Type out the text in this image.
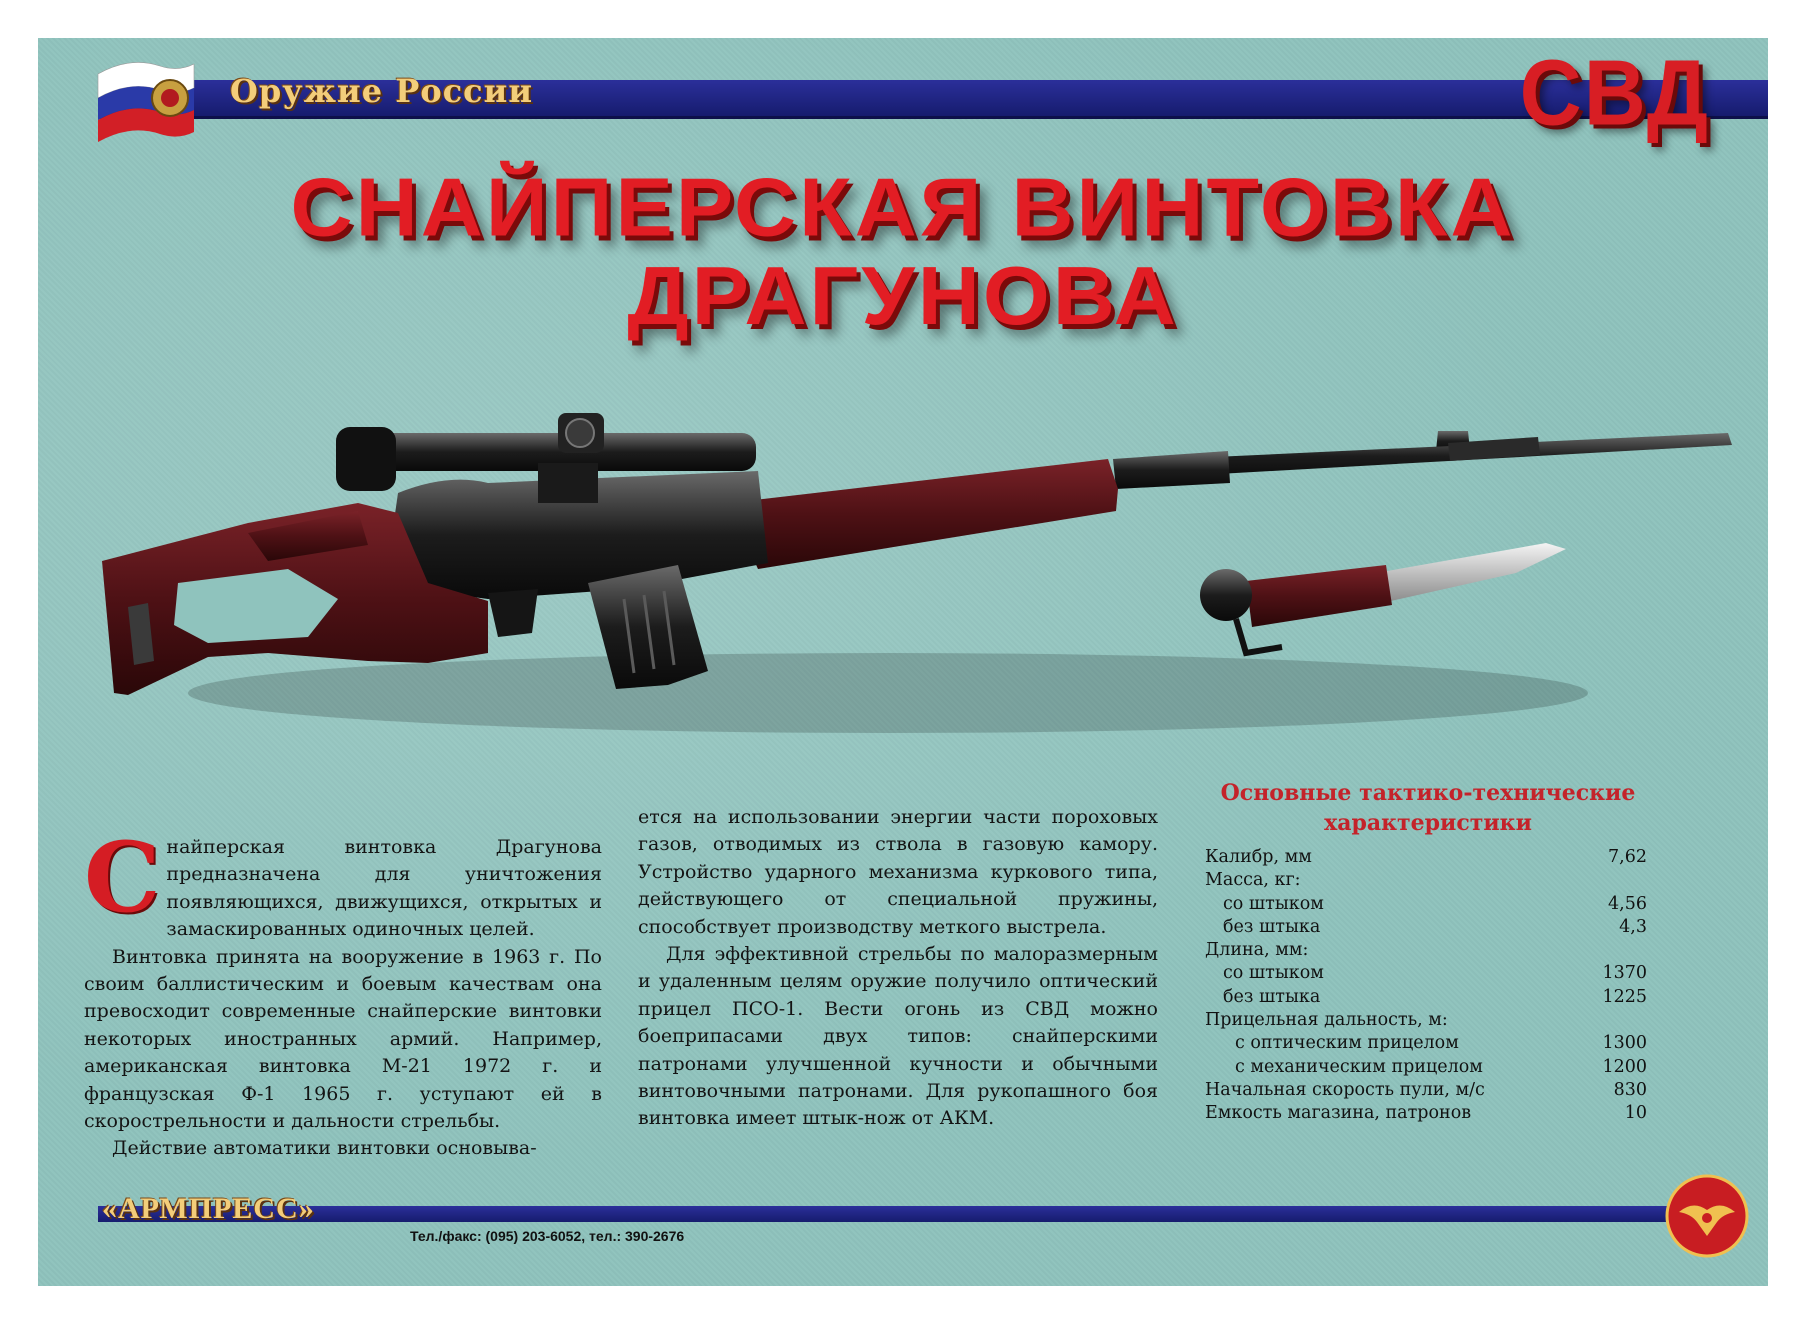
Оружие России	СВД
СНАЙПЕРСКАЯ ВИНТОВКА
ДРАГУНОВА
Основные тактико-технические
характеристики
Калибр, мм	7,62
Масса, кг:
со штыком	4,56
без штыка	4,3
Длина, мм:
со штыком	1370
без штыка	1225
Прицельная дальность, м:
с оптическим прицелом	1300
с механическим прицелом	1200
Начальная скорость пули, м/с	830
Емкость магазина, патронов	10

Снайперская винтовка Драгунова предназначена для уничтожения появляющихся, движущихся, открытых и замаскированных одиночных целей.

Винтовка принята на вооружение в 1963 г. По своим баллистическим и боевым качествам она превосходит современные снайперские винтовки некоторых иностранных армий. Например, американская винтовка М-21 1972 г. и французская Ф-1 1965 г. уступают ей в скорострельности и дальности стрельбы.

Действие автоматики винтовки основыва-

ется на использовании энергии части пороховых газов, отводимых из ствола в газовую камору. Устройство ударного механизма куркового типа, действующего от специальной пружины, способствует производству меткого выстрела.

Для эффективной стрельбы по малоразмерным и удаленным целям оружие получило оптический прицел ПСО-1. Вести огонь из СВД можно боеприпасами двух типов: снайперскими патронами улучшенной кучности и обычными винтовочными патронами. Для рукопашного боя винтовка имеет штык-нож от АКМ.

«АРМПРЕСС»
Тел./факс: (095) 203-6052, тел.: 390-2676
